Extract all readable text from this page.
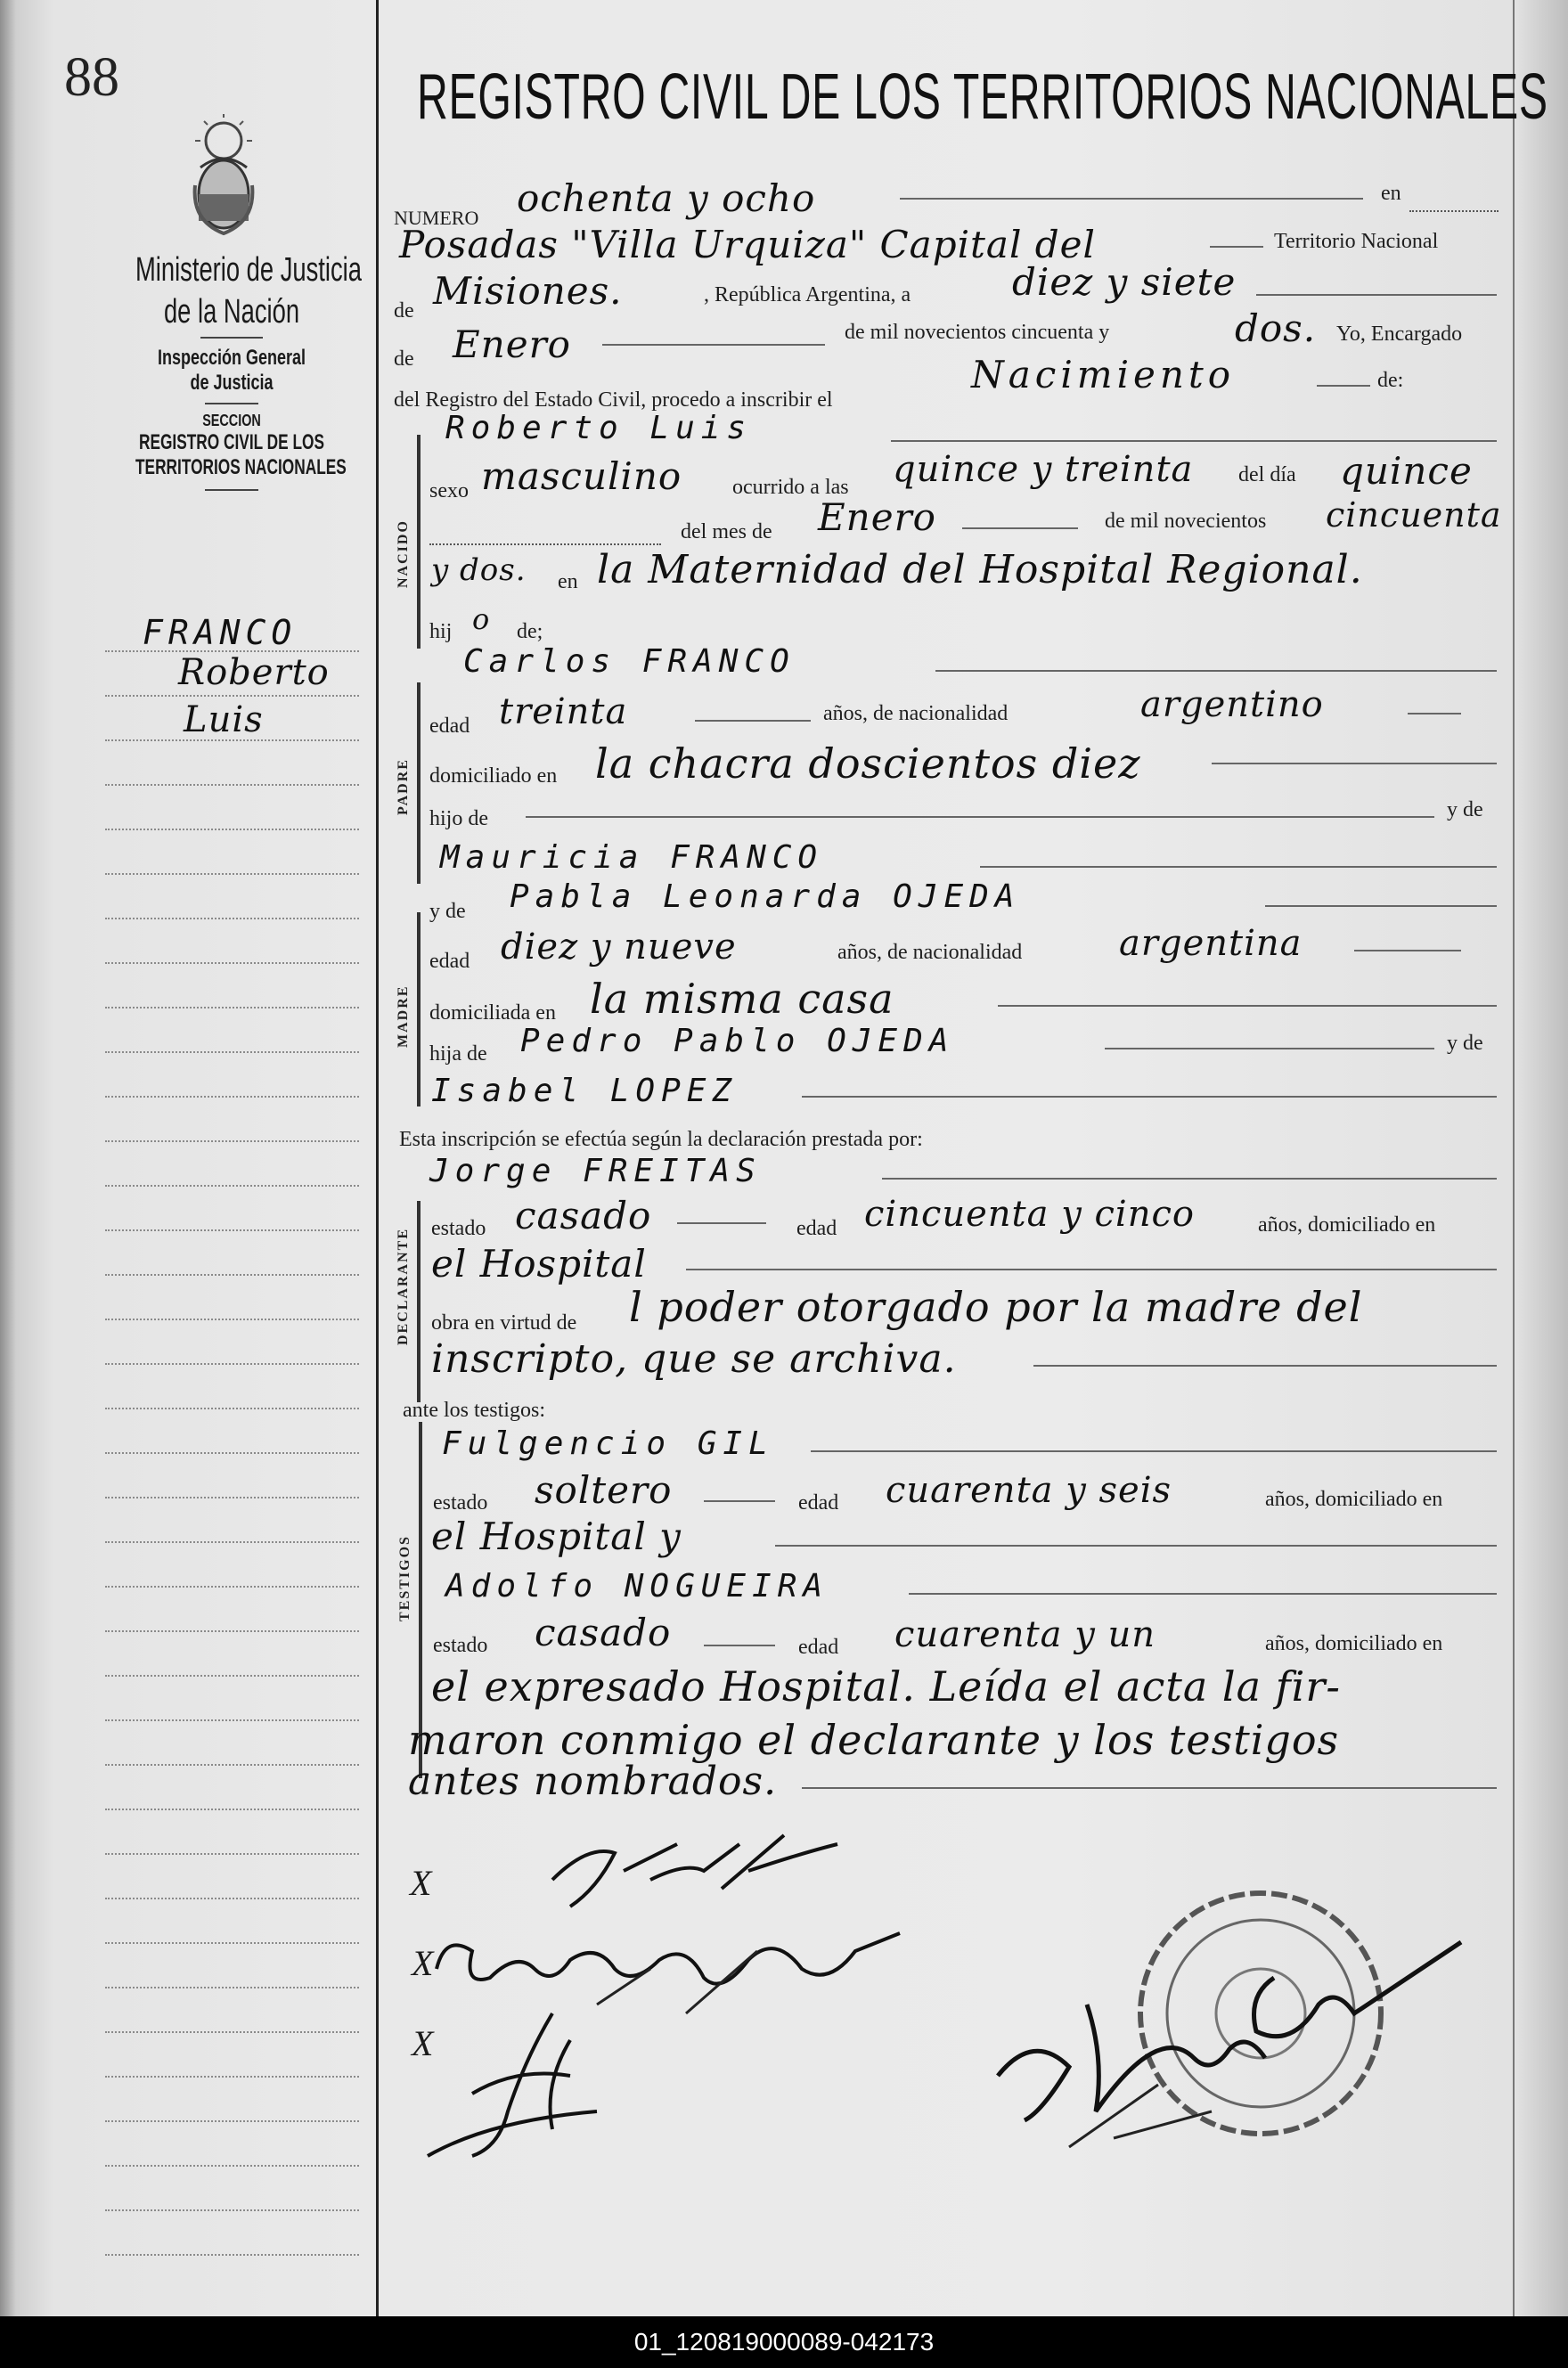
88
Ministerio de Justicia
de la Nación
Inspección General
de Justicia
SECCION
REGISTRO CIVIL DE LOS
TERRITORIOS NACIONALES
FRANCO
Roberto
Luis
REGISTRO CIVIL DE LOS TERRITORIOS NACIONALES
NUMERO ochenta y ocho	en
Posadas "Villa Urquiza" Capital del	Territorio Nacional
de Misiones.	, República Argentina, a	diez y siete
de Enero	de mil novecientos cincuenta y	dos. Yo, Encargado
del Registro del Estado Civil, procedo a inscribir el
Nacimiento	de:
NACIDO
Roberto Luis
sexo masculino ocurrido a las quince y treinta del día quince
del mes de Enero	de mil novecientos cincuenta
y dos. en la Maternidad del Hospital Regional.
hij o de;
PADRE
Carlos FRANCO
edad treinta	años, de nacionalidad	argentino
domiciliado en la chacra doscientos diez
hijo de	y de
Mauricia FRANCO
MADRE
y de Pabla Leonarda OJEDA
edad diez y nueve	años, de nacionalidad	argentina
domiciliada en la misma casa
hija de Pedro Pablo OJEDA	y de
Isabel LOPEZ
Esta inscripción se efectúa según la declaración prestada por:
Jorge FREITAS
DECLARANTE estado casado	edad cincuenta y cinco	años, domiciliado en
el Hospital
obra en virtud de l poder otorgado por la madre del
inscripto, que se archiva.
ante los testigos:
TESTIGOS
Fulgencio GIL
estado soltero	edad cuarenta y seis	años, domiciliado en
el Hospital y
Adolfo NOGUEIRA
estado casado	edad cuarenta y un	años, domiciliado en
el expresado Hospital. Leída el acta la fir-
maron conmigo el declarante y los testigos
antes nombrados.
X
X
X
01_120819000089-042173
